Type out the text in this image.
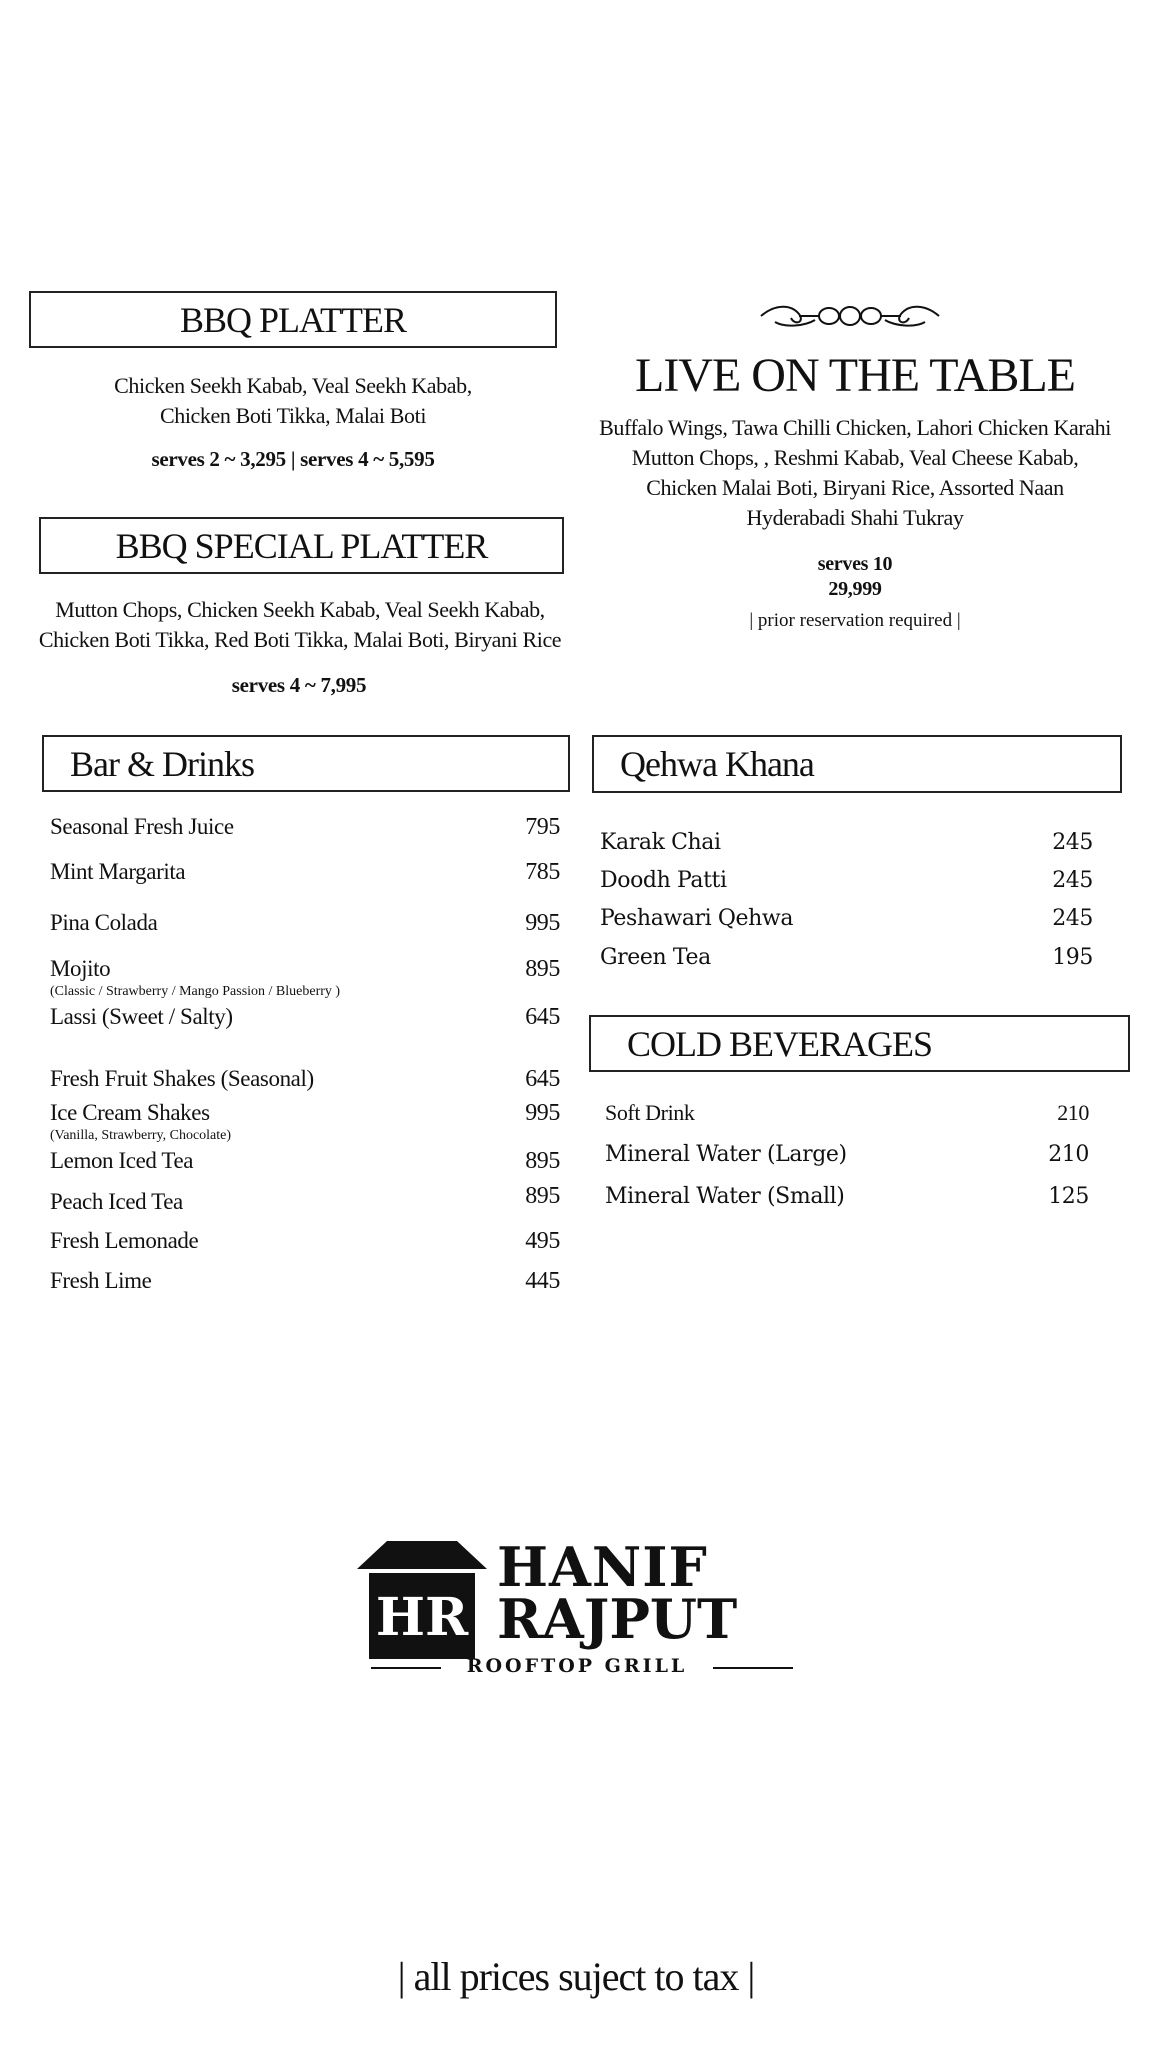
BBQ PLATTER
Chicken Seekh Kabab, Veal Seekh Kabab,
Chicken Boti Tikka, Malai Boti
serves 2 ~ 3,295 | serves 4 ~ 5,595
BBQ SPECIAL PLATTER
Mutton Chops, Chicken Seekh Kabab, Veal Seekh Kabab,
Chicken Boti Tikka, Red Boti Tikka, Malai Boti, Biryani Rice
serves 4 ~ 7,995
LIVE ON THE TABLE
Buffalo Wings, Tawa Chilli Chicken, Lahori Chicken Karahi
Mutton Chops, , Reshmi Kabab, Veal Cheese Kabab,
Chicken Malai Boti, Biryani Rice, Assorted Naan
Hyderabadi Shahi Tukray
serves 10
29,999
| prior reservation required |
Bar & Drinks
Seasonal Fresh Juice	795
Mint Margarita	785
Pina Colada	995
Mojito	895
(Classic / Strawberry / Mango Passion / Blueberry )
Lassi (Sweet / Salty)	645
Fresh Fruit Shakes (Seasonal)	645
Ice Cream Shakes	995
(Vanilla, Strawberry, Chocolate)
Lemon Iced Tea	895
Peach Iced Tea	895
Fresh Lemonade	495
Fresh Lime	445
Qehwa Khana
Karak Chai	245
Doodh Patti	245
Peshawari Qehwa	245
Green Tea	195
COLD BEVERAGES
Soft Drink	210
Mineral Water (Large)	210
Mineral Water (Small)	125
HR
HANIF
RAJPUT
ROOFTOP GRILL
| all prices suject to tax |
